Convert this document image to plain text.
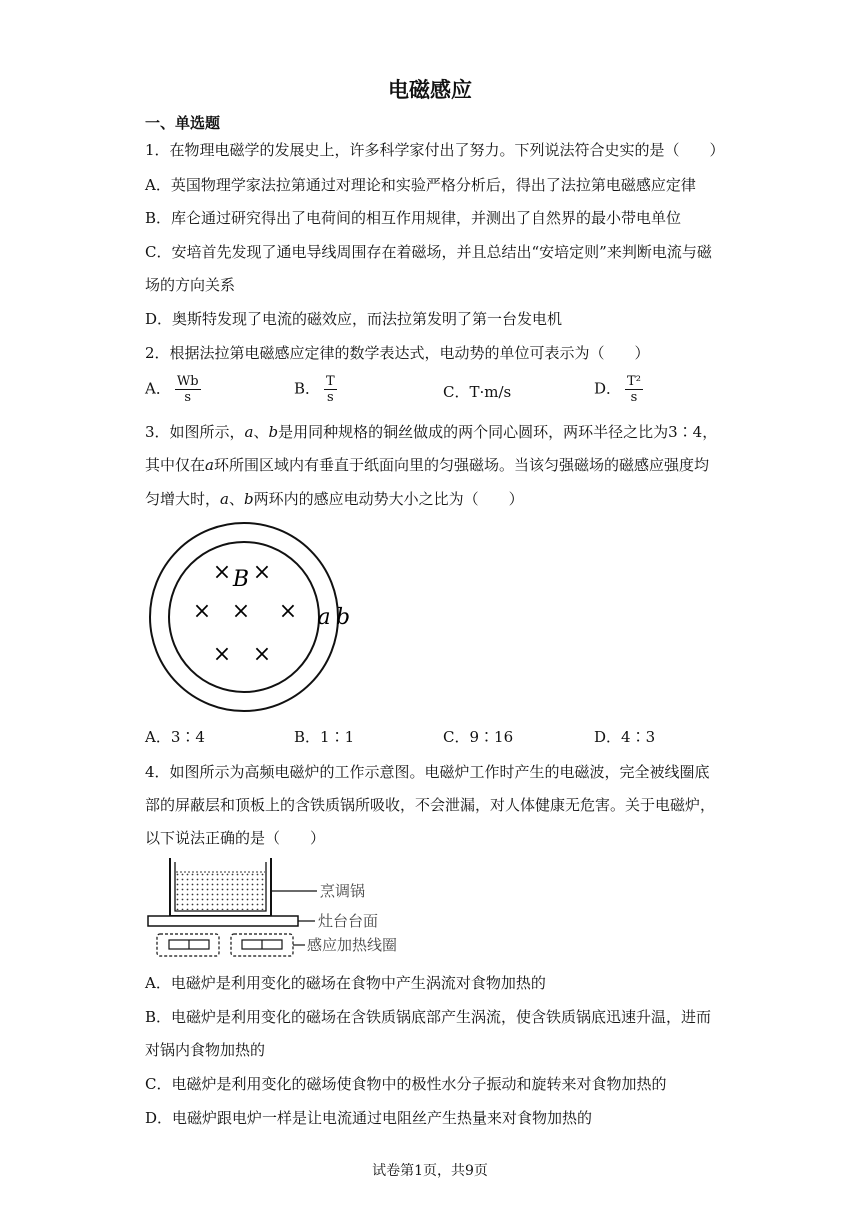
电磁感应
一、单选题
1．在物理电磁学的发展史上，许多科学家付出了努力。下列说法符合史实的是（　　）
A．英国物理学家法拉第通过对理论和实验严格分析后，得出了法拉第电磁感应定律
B．库仑通过研究得出了电荷间的相互作用规律，并测出了自然界的最小带电单位
C．安培首先发现了通电导线周围存在着磁场，并且总结出“安培定则”来判断电流与磁
场的方向关系
D．奥斯特发现了电流的磁效应，而法拉第发明了第一台发电机
2．根据法拉第电磁感应定律的数学表达式，电动势的单位可表示为（　　）
A． $\frac{Wb}{s}$	B． $\frac{T}{s}$	C．T·m/s	D． $\frac{\text{T²}}{s}$
3．如图所示，a、b是用同种规格的铜丝做成的两个同心圆环，两环半径之比为3∶4，
其中仅在a环所围区域内有垂直于纸面向里的匀强磁场。当该匀强磁场的磁感应强度均
匀增大时，a、b两环内的感应电动势大小之比为（　　）
× ×
B
× × ×
× ×
a b
A．3∶4	B．1∶1	C．9∶16	D．4∶3
4．如图所示为高频电磁炉的工作示意图。电磁炉工作时产生的电磁波，完全被线圈底
部的屏蔽层和顶板上的含铁质锅所吸收，不会泄漏，对人体健康无危害。关于电磁炉，
以下说法正确的是（　　）
烹调锅
灶台台面
感应加热线圈
A．电磁炉是利用变化的磁场在食物中产生涡流对食物加热的
B．电磁炉是利用变化的磁场在含铁质锅底部产生涡流，使含铁质锅底迅速升温，进而
对锅内食物加热的
C．电磁炉是利用变化的磁场使食物中的极性水分子振动和旋转来对食物加热的
D．电磁炉跟电炉一样是让电流通过电阻丝产生热量来对食物加热的
试卷第1页，共9页
